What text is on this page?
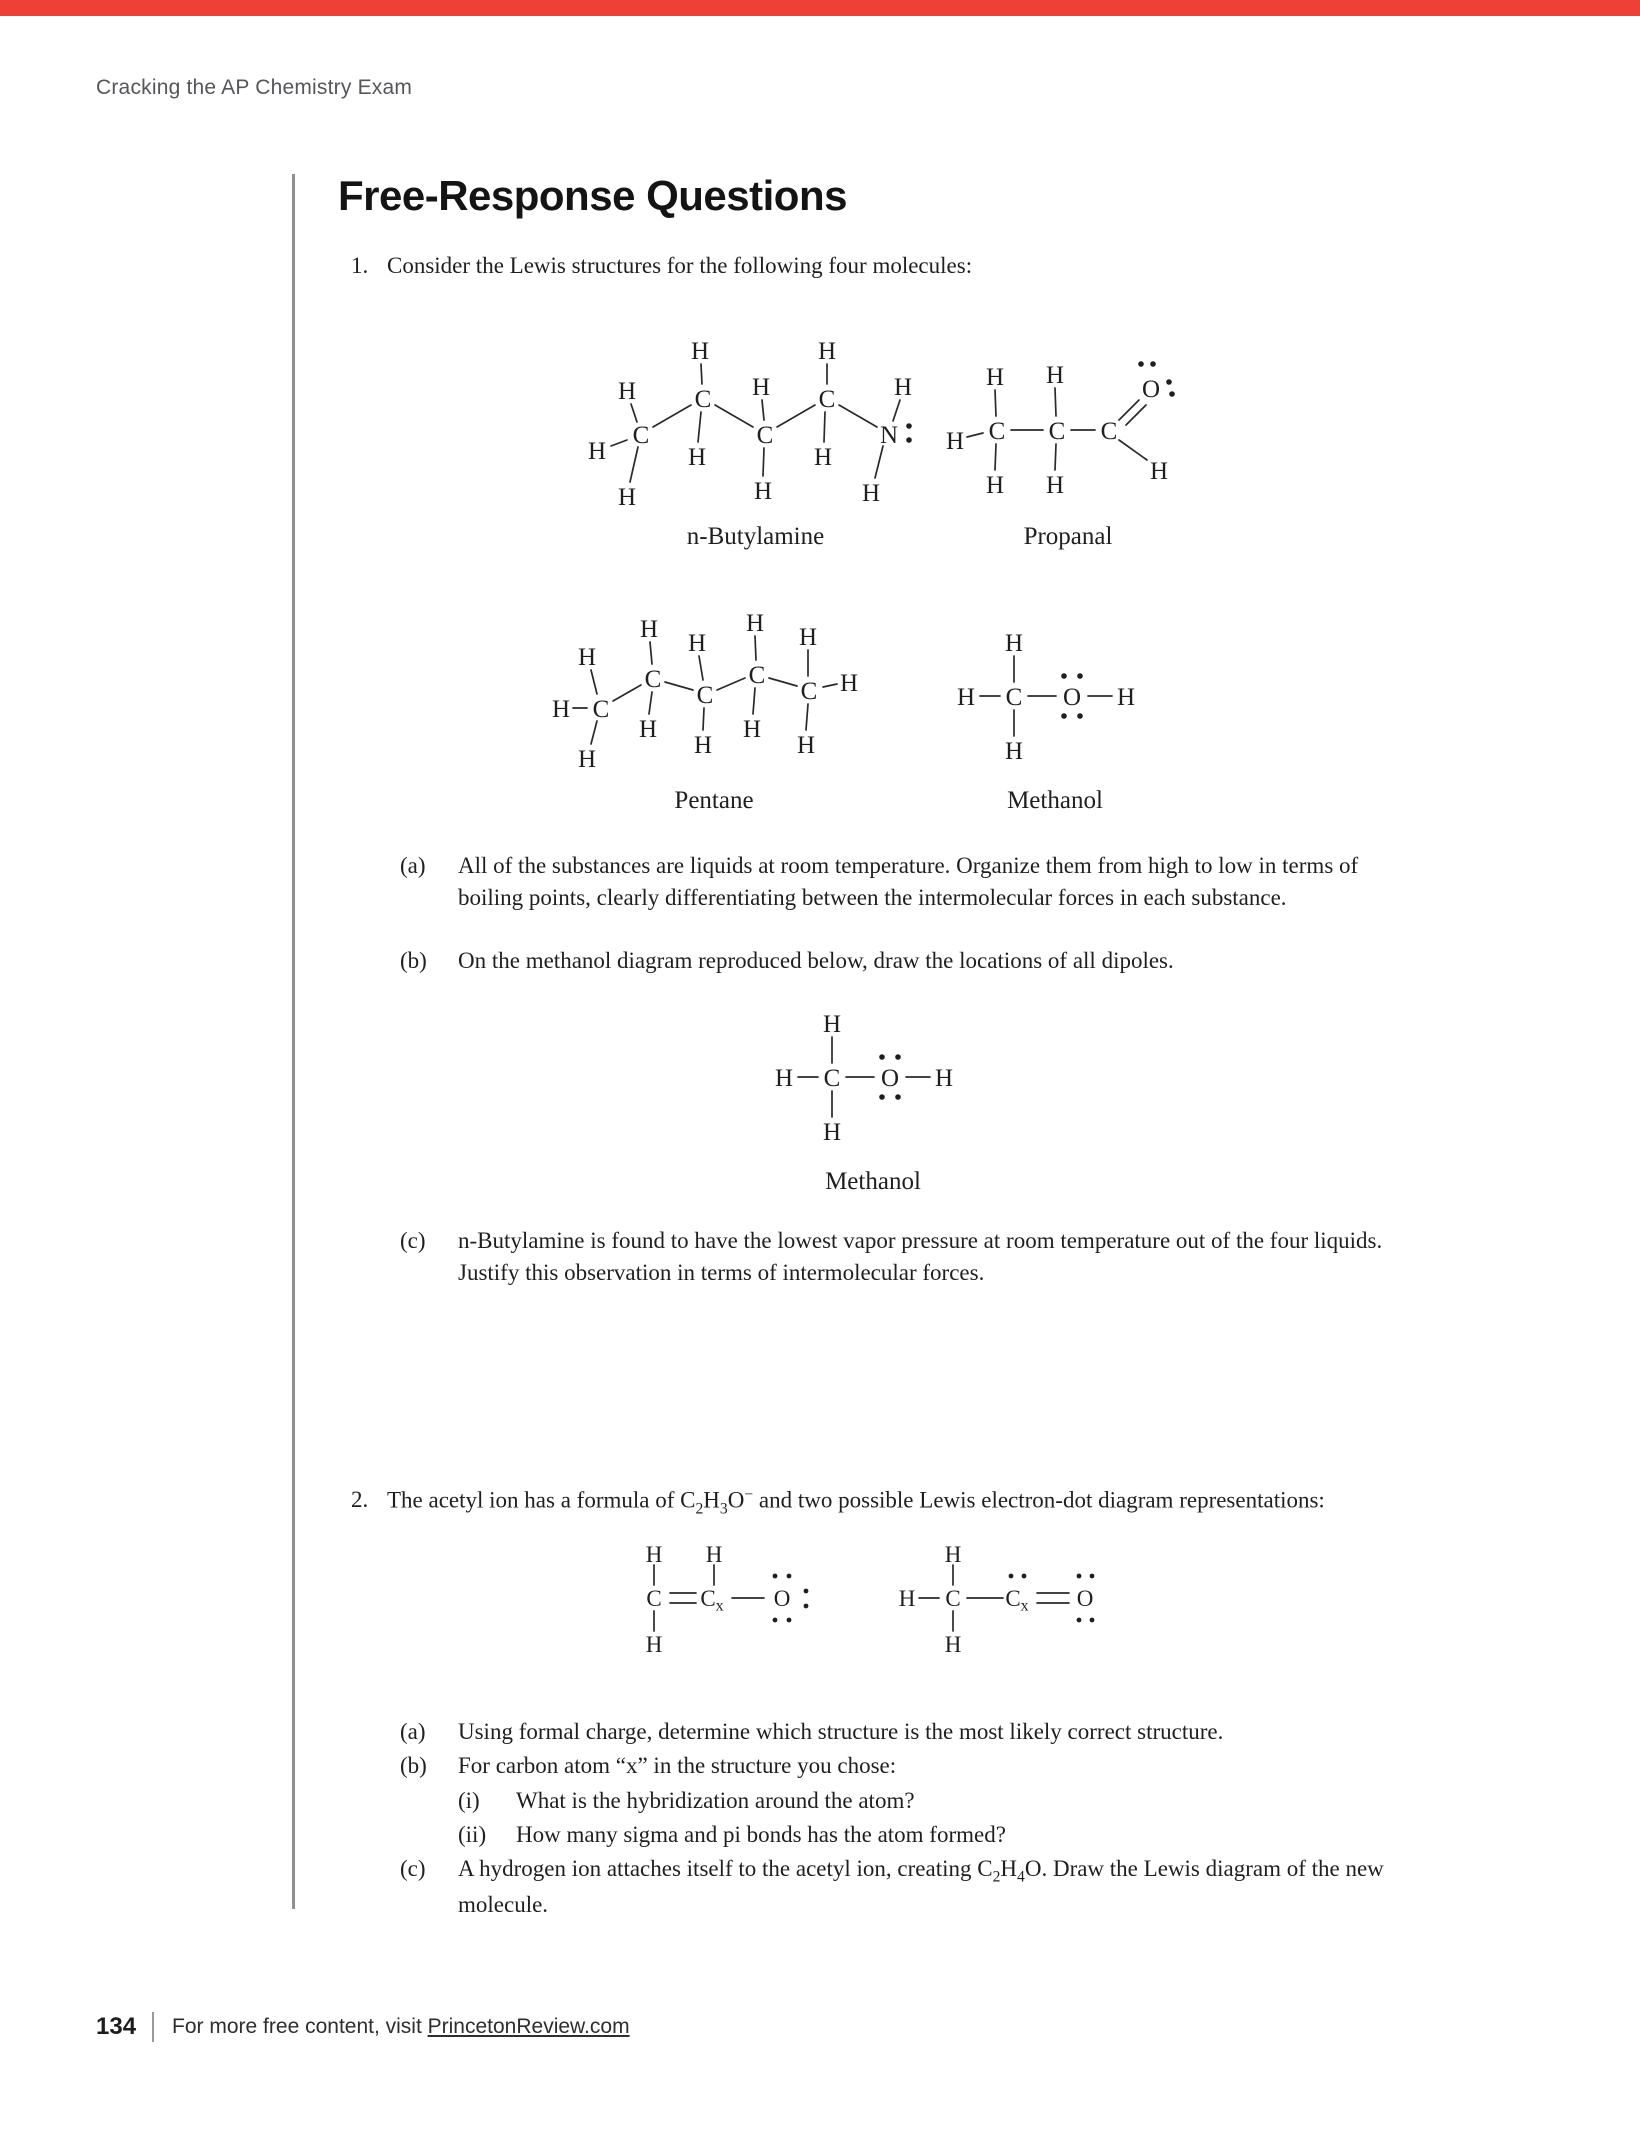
Cracking the AP Chemistry Exam
Free-Response Questions
1. Consider the Lewis structures for the following four molecules:
C
C
C
C
N
H
H
H
H
H
H
H
H
H
H
H
n-Butylamine
H C C C
O
H H
H H
H
Propanal
C
C
C
C
C
H
H
H
H
H
H
H
H
H
H
H
H
Pentane
H
H C O H
H
Methanol
(a)	All of the substances are liquids at room temperature. Organize them from high to low in terms of boiling points, clearly differentiating between the intermolecular forces in each substance.
(b)	On the methanol diagram reproduced below, draw the locations of all dipoles.
H
H C O H
H
Methanol
(c)	n-Butylamine is found to have the lowest vapor pressure at room temperature out of the four liquids. Justify this observation in terms of intermolecular forces.
2. The acetyl ion has a formula of $C_2H_3O^-$ and two possible Lewis electron-dot diagram representations:
H H
C Cx O
H
H
H C Cx O
H
(a)	Using formal charge, determine which structure is the most likely correct structure.
(b)	For carbon atom “x” in the structure you chose:
(i) What is the hybridization around the atom?
(ii) How many sigma and pi bonds has the atom formed?
(c)	A hydrogen ion attaches itself to the acetyl ion, creating $C_2H_4O$. Draw the Lewis diagram of the new molecule.
134 For more free content, visit PrincetonReview.com
